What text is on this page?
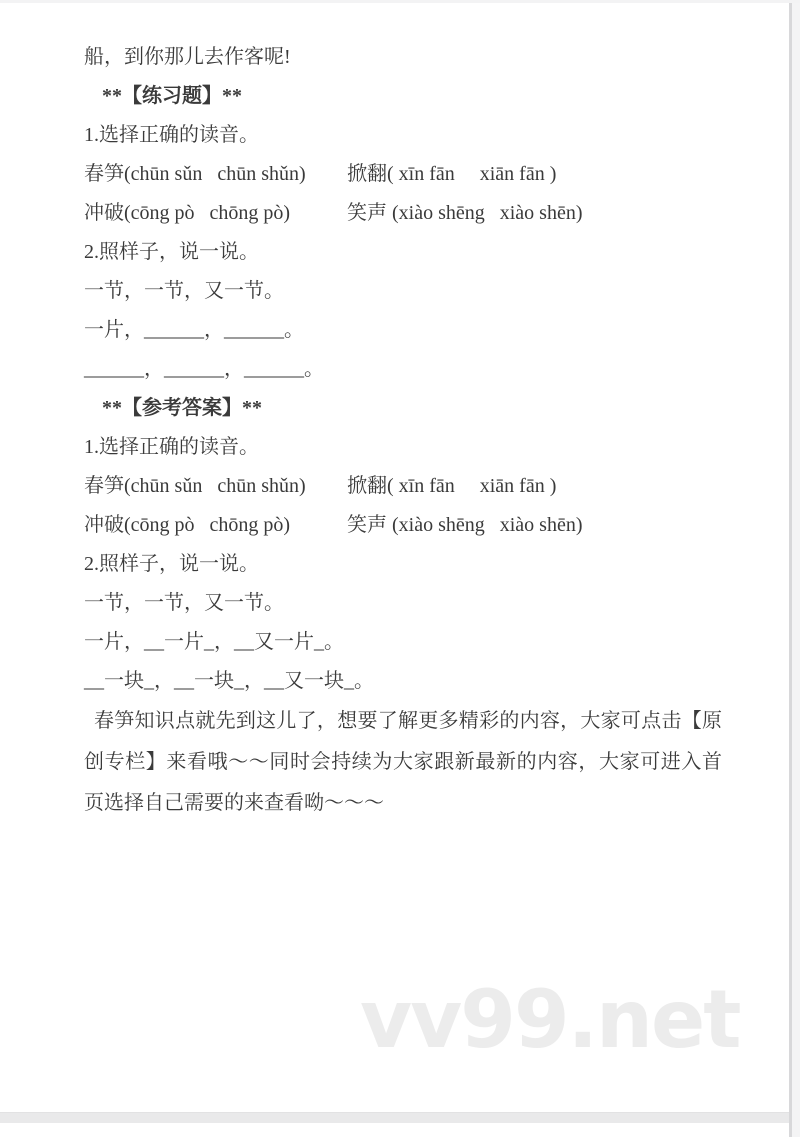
vv99.net
船，到你那儿去作客呢!
**【练习题】**
1.选择正确的读音。
春笋(chūn sǔn   chūn shǔn)	掀翻( xīn fān     xiān fān )
冲破(cōng pò   chōng pò)	笑声 (xiào shēng   xiào shēn)
2.照样子，说一说。
一节，一节，又一节。
一片，______，______。
______，______，______。
**【参考答案】**
1.选择正确的读音。
春笋(chūn sǔn   chūn shǔn)	掀翻( xīn fān     xiān fān )
冲破(cōng pò   chōng pò)	笑声 (xiào shēng   xiào shēn)
2.照样子，说一说。
一节，一节，又一节。
一片，__一片_，__又一片_。
__一块_，__一块_，__又一块_。

春笋知识点就先到这儿了，想要了解更多精彩的内容，大家可点击【原创专栏】来看哦～～同时会持续为大家跟新最新的内容，大家可进入首页选择自己需要的来查看呦～～～
